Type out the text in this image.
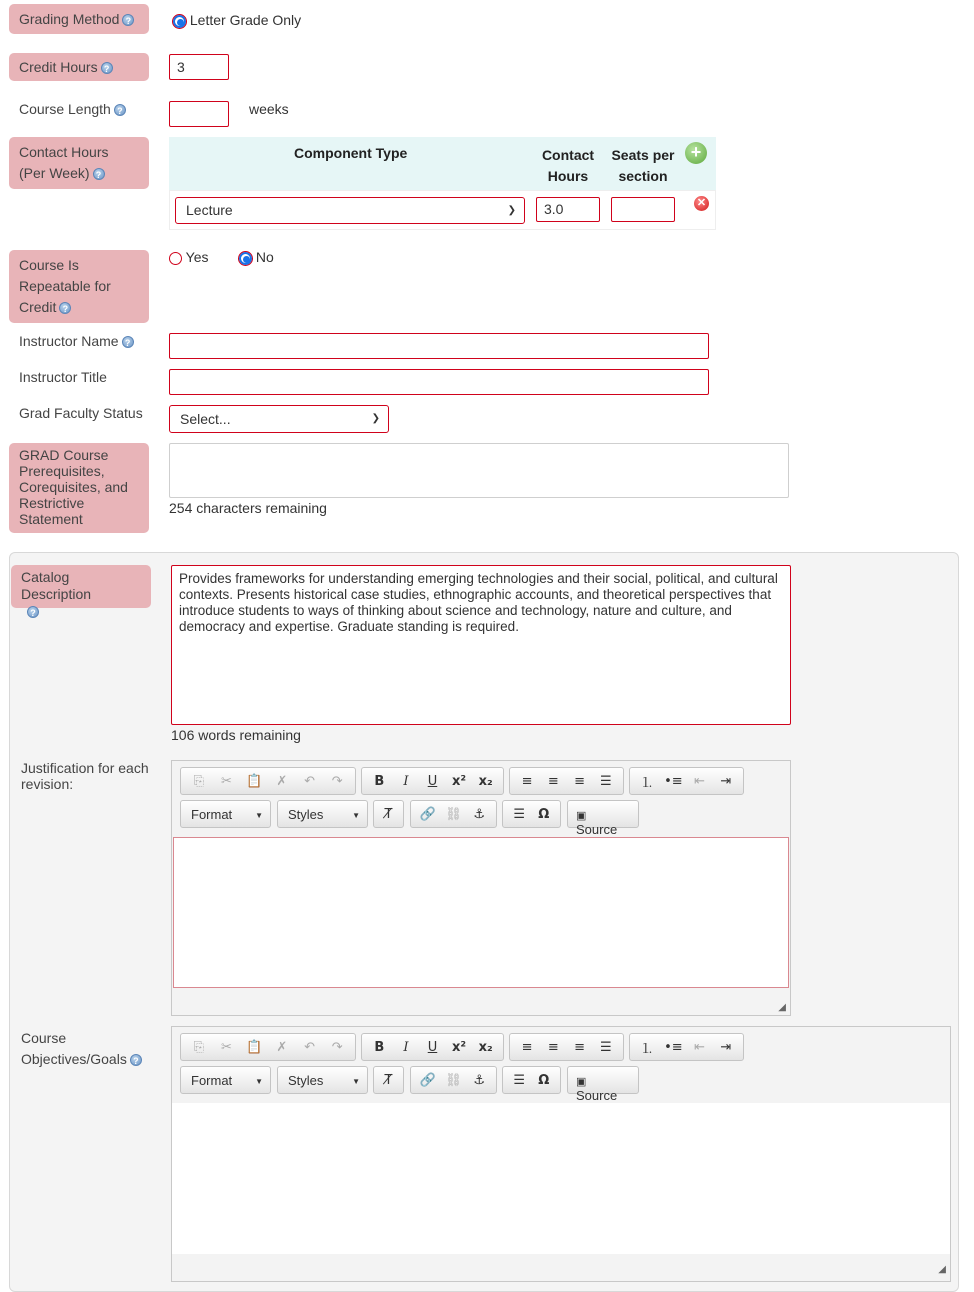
Grading Method ?	Letter Grade Only
Credit Hours ?	3
Course Length ?	weeks
Contact Hours
(Per Week) ?
Component Type	Contact
Hours
Seats per
section
+
Lecture	❯	3.0	✕
Course Is
Repeatable for
Credit ?
Yes	No
Instructor Name ?
Instructor Title
Grad Faculty Status	Select...	❯
GRAD Course
Prerequisites,
Corequisites, and
Restrictive
Statement
254 characters remaining
Catalog Description
?
Provides frameworks for understanding emerging technologies and their social, political, and cultural contexts. Presents historical case studies, ethnographic accounts, and theoretical perspectives that introduce students to ways of thinking about science and technology, nature and culture, and democracy and expertise. Graduate standing is required.
106 words remaining
Justification for each
revision:	⎘	✂	📋	✗	↶	↷	B	I	U	x² x₂	≡	≡	≡	☰	⒈ •≡ ⇤	⇥
Format	▼	Styles	▼	T̸	🔗 ⛓ ⚓	☰	Ω	▣ Source
◢
Course
Objectives/Goals ?
⎘	✂	📋	✗	↶	↷	B	I	U	x² x₂	≡	≡	≡	☰	⒈ •≡ ⇤	⇥
Format	▼	Styles	▼	T̸	🔗 ⛓ ⚓	☰	Ω	▣ Source
◢
